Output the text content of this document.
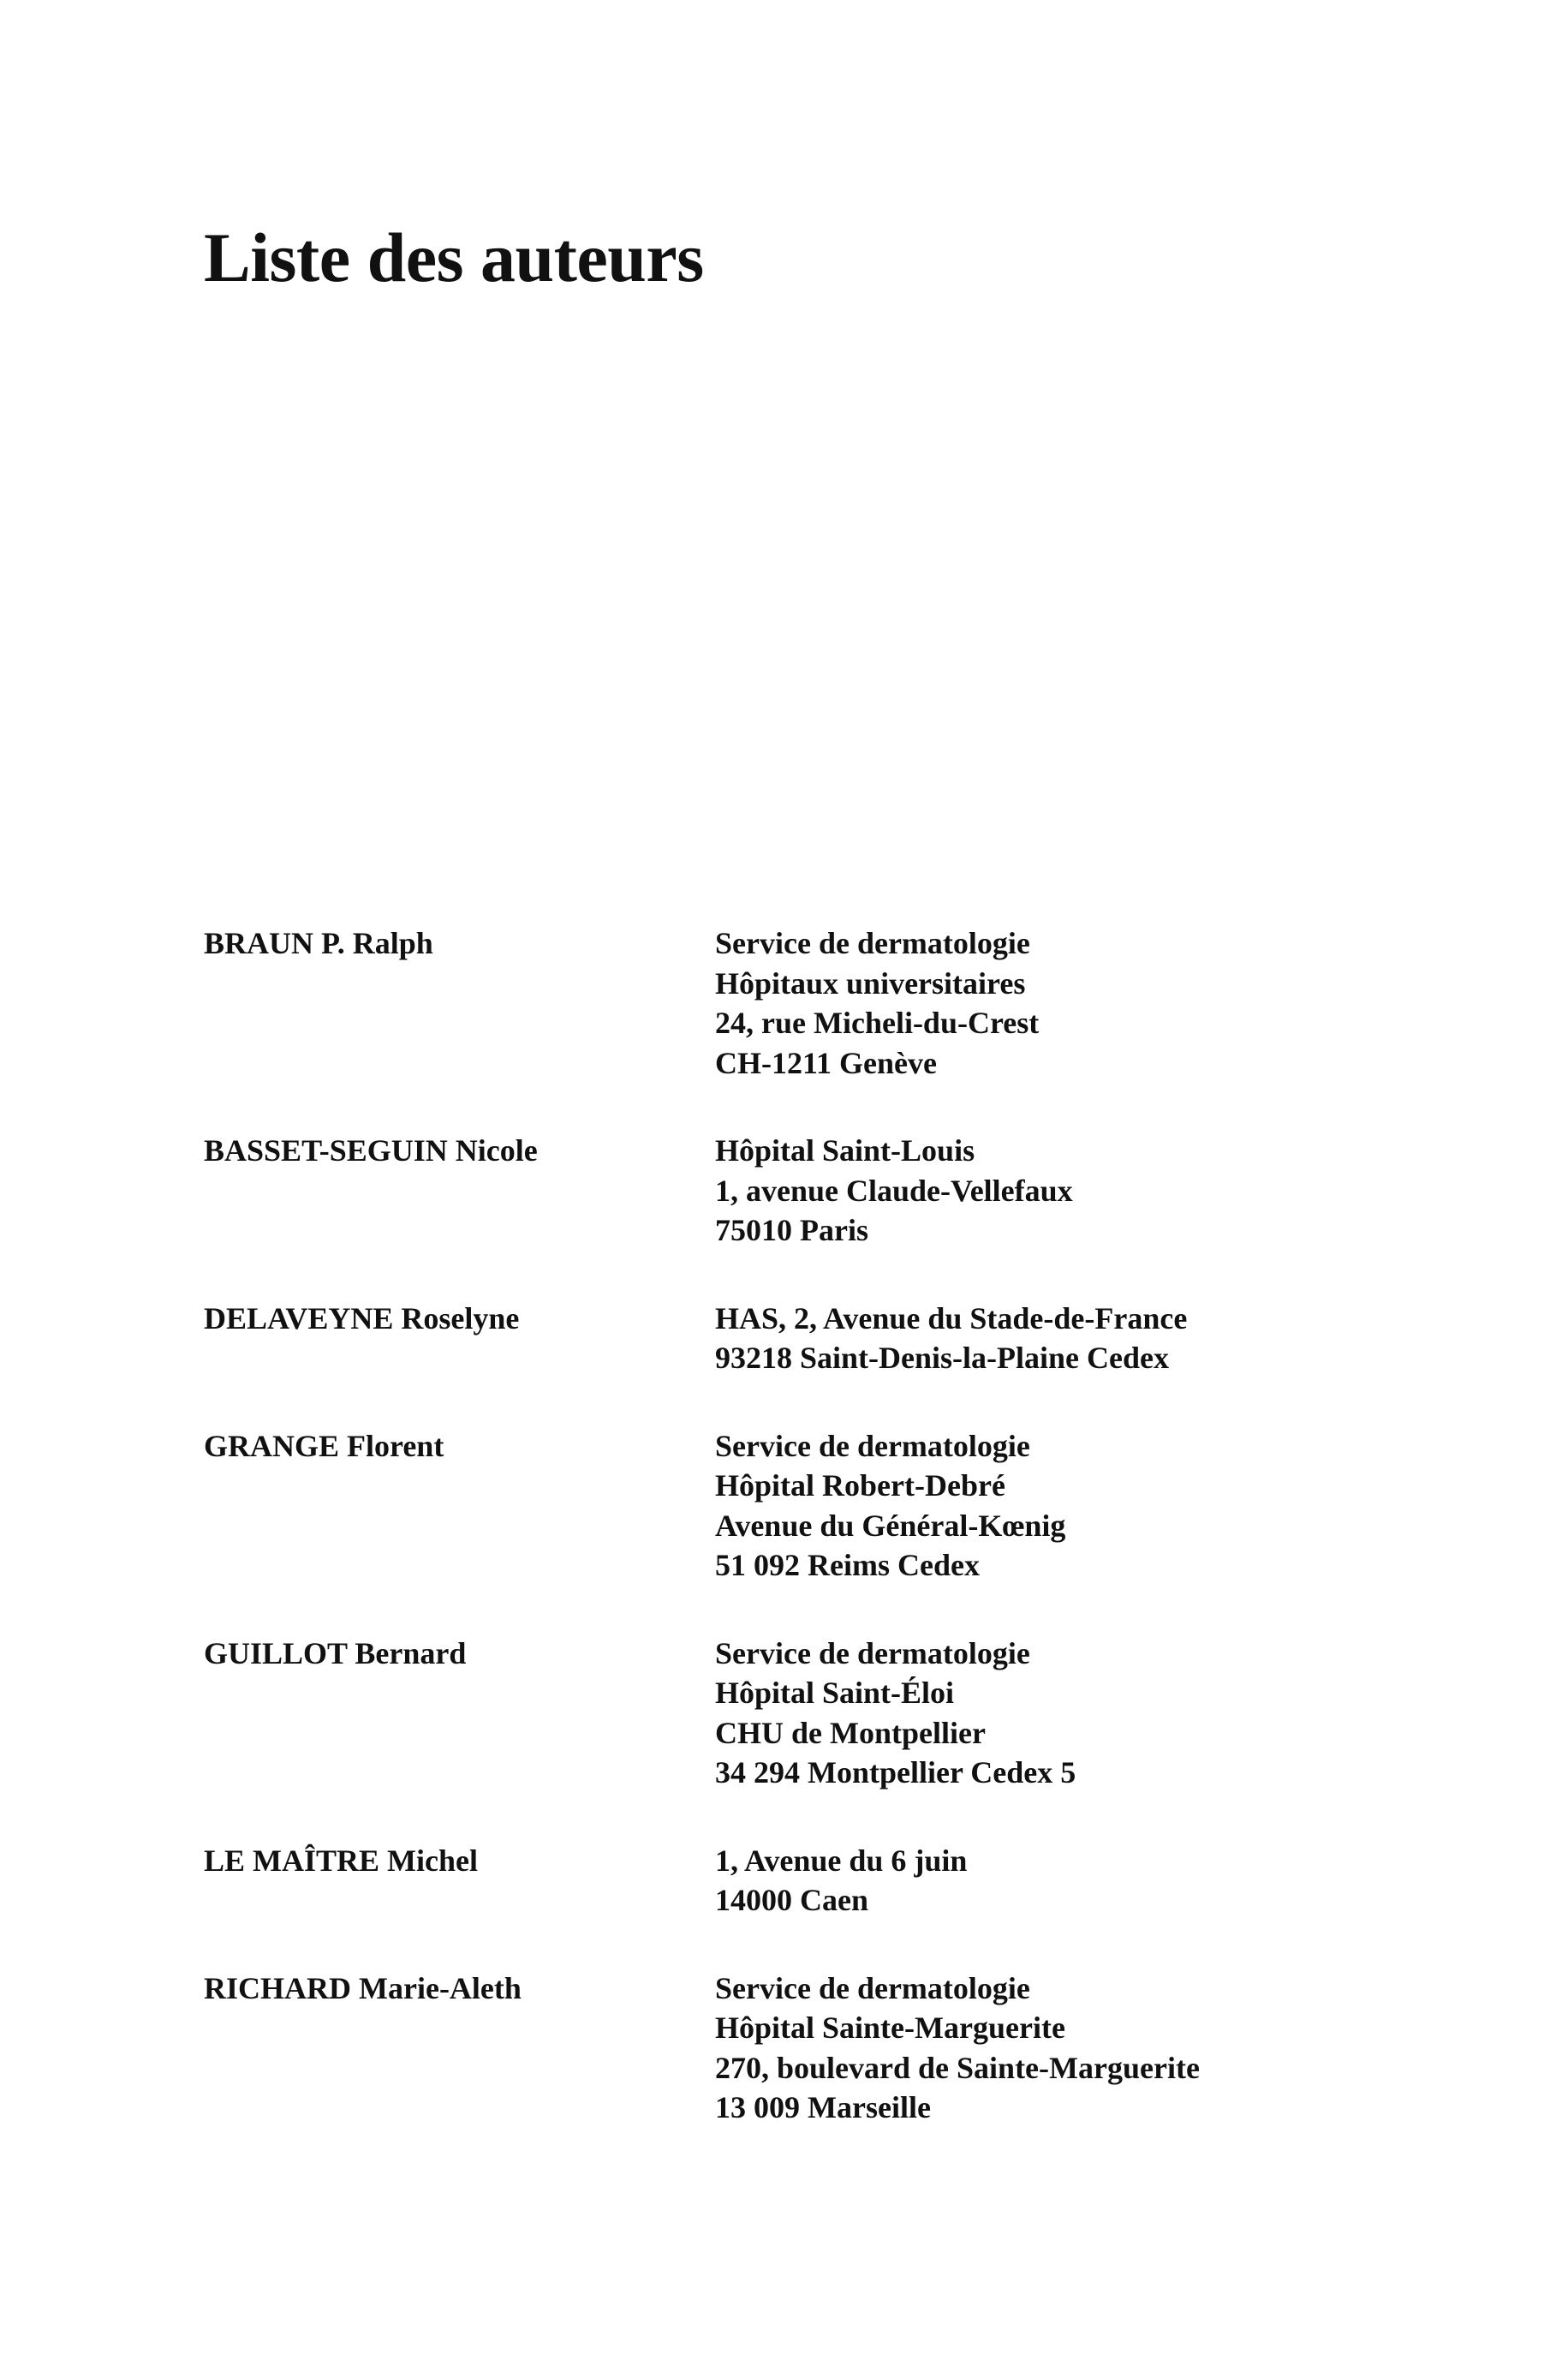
Liste des auteurs
BRAUN P. Ralph	Service de dermatologie
Hôpitaux universitaires
24, rue Micheli-du-Crest
CH-1211 Genève
BASSET-SEGUIN Nicole	Hôpital Saint-Louis
1, avenue Claude-Vellefaux
75010 Paris
DELAVEYNE Roselyne	HAS, 2, Avenue du Stade-de-France
93218 Saint-Denis-la-Plaine Cedex
GRANGE Florent	Service de dermatologie
Hôpital Robert-Debré
Avenue du Général-Kœnig
51 092 Reims Cedex
GUILLOT Bernard	Service de dermatologie
Hôpital Saint-Éloi
CHU de Montpellier
34 294 Montpellier Cedex 5
LE MAÎTRE Michel	1, Avenue du 6 juin
14000 Caen
RICHARD Marie-Aleth	Service de dermatologie
Hôpital Sainte-Marguerite
270, boulevard de Sainte-Marguerite
13 009 Marseille
